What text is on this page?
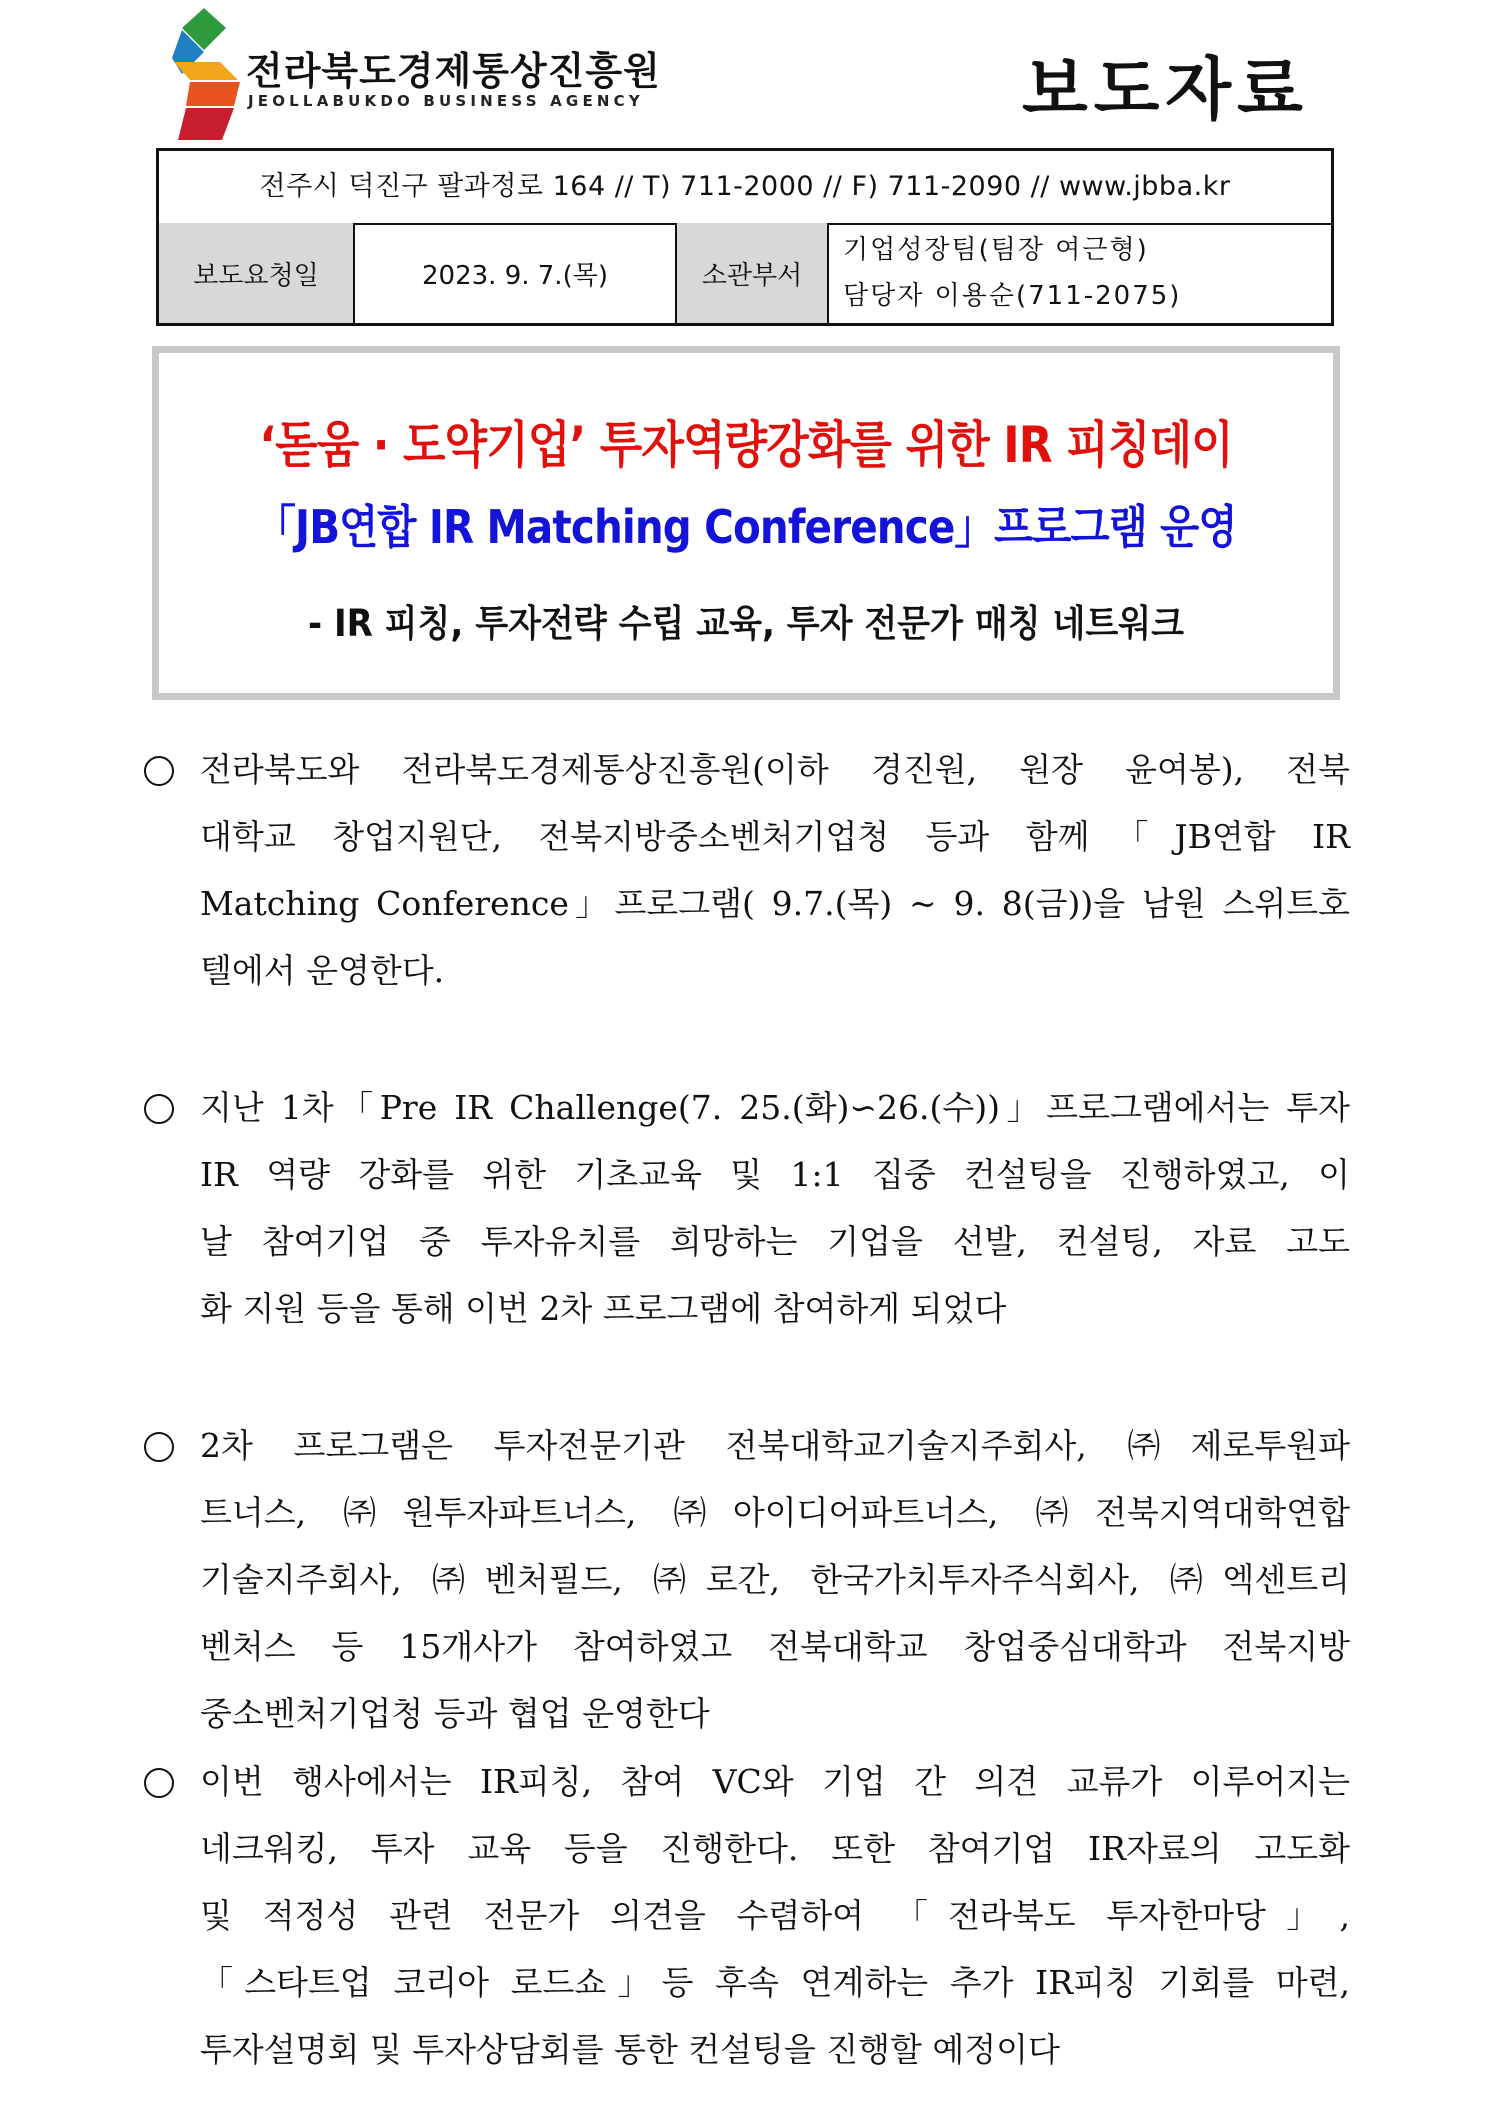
전라북도경제통상진흥원
JEOLLABUKDO BUSINESS AGENCY	보도자료
전주시 덕진구 팔과정로 164 // T) 711-2000 // F) 711-2090 // www.jbba.kr
보도요청일	2023. 9. 7.(목)	소관부서
기업성장팀(팀장 여근형)
담당자 이용순(711-2075)
‘돋움 · 도약기업’ 투자역량강화를 위한 IR 피칭데이
「JB연합 IR Matching Conference」프로그램 운영
- IR 피칭, 투자전략 수립 교육, 투자 전문가 매칭 네트워크
전라북도와 전라북도경제통상진흥원(이하 경진원, 원장 윤여봉), 전북
대학교 창업지원단, 전북지방중소벤처기업청 등과 함께「JB연합 IR
Matching Conference」프로그램( 9.7.(목) ~ 9. 8(금))을 남원 스위트호
텔에서 운영한다.
지난 1차「Pre IR Challenge(7. 25.(화)∽26.(수))」프로그램에서는 투자
IR 역량 강화를 위한 기초교육 및 1:1 집중 컨설팅을 진행하였고, 이
날 참여기업 중 투자유치를 희망하는 기업을 선발, 컨설팅, 자료 고도
화 지원 등을 통해 이번 2차 프로그램에 참여하게 되었다
2차 프로그램은 투자전문기관 전북대학교기술지주회사, ㈜제로투원파
트너스, ㈜원투자파트너스, ㈜아이디어파트너스, ㈜전북지역대학연합
기술지주회사, ㈜벤처필드, ㈜로간, 한국가치투자주식회사, ㈜엑센트리
벤처스 등 15개사가 참여하였고 전북대학교 창업중심대학과 전북지방
중소벤처기업청 등과 협업 운영한다
이번 행사에서는 IR피칭, 참여 VC와 기업 간 의견 교류가 이루어지는
네크워킹, 투자 교육 등을 진행한다. 또한 참여기업 IR자료의 고도화
및 적정성 관련 전문가 의견을 수렴하여 「전라북도 투자한마당」,
「스타트업 코리아 로드쇼」등 후속 연계하는 추가 IR피칭 기회를 마련,
투자설명회 및 투자상담회를 통한 컨설팅을 진행할 예정이다
